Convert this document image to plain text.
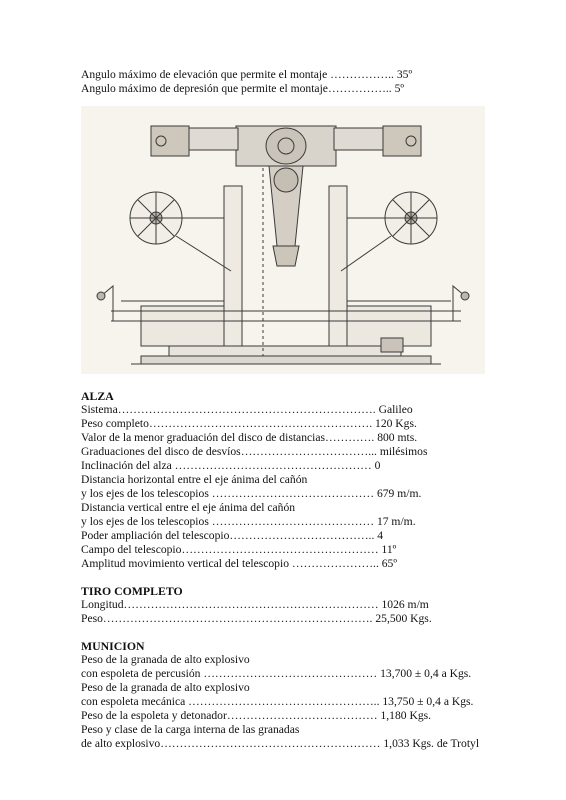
Angulo máximo de elevación que permite el montaje …………….. 35º
Angulo máximo de depresión que permite el montaje…………….. 5º
ALZA
Sistema…………………………………………………………. Galileo
Peso completo…………………………………………………. 120 Kgs.
Valor de la menor graduación del disco de distancias…………. 800 mts.
Graduaciones del disco de desvíos……………………………... milésimos
Inclinación del alza …………………………………………… 0
Distancia horizontal entre el eje ánima del cañón
y los ejes de los telescopios …………………………………… 679 m/m.
Distancia vertical entre el eje ánima del cañón
y los ejes de los telescopios …………………………………… 17 m/m.
Poder ampliación del telescopio……………………………….. 4
Campo del telescopio…………………………………………… 11º
Amplitud movimiento vertical del telescopio ………………….. 65º
TIRO COMPLETO
Longitud………………………………………………………… 1026 m/m
Peso……………………………………………………………. 25,500 Kgs.
MUNICION
Peso de la granada de alto explosivo
con espoleta de percusión ……………………………………… 13,700 ± 0,4 a Kgs.
Peso de la granada de alto explosivo
con espoleta mecánica ………………………………………….. 13,750 ± 0,4 a Kgs.
Peso de la espoleta y detonador………………………………… 1,180 Kgs.
Peso y clase de la carga interna de las granadas
de alto explosivo………………………………………………… 1,033 Kgs. de Trotyl
